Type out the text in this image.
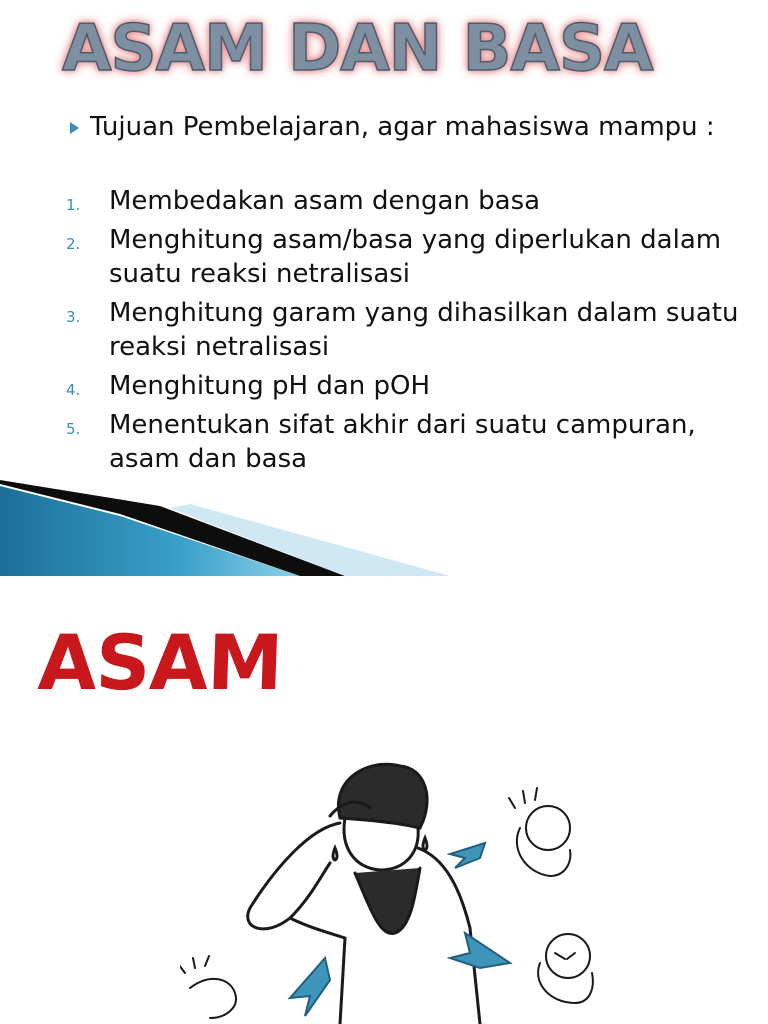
ASAM DAN BASA
Tujuan Pembelajaran, agar mahasiswa mampu :
1. Membedakan asam dengan basa
2. Menghitung asam/basa yang diperlukan dalam suatu reaksi netralisasi
3. Menghitung garam yang dihasilkan dalam suatu reaksi netralisasi
4. Menghitung pH dan pOH
5. Menentukan sifat akhir dari suatu campuran, asam dan basa
ASAM
